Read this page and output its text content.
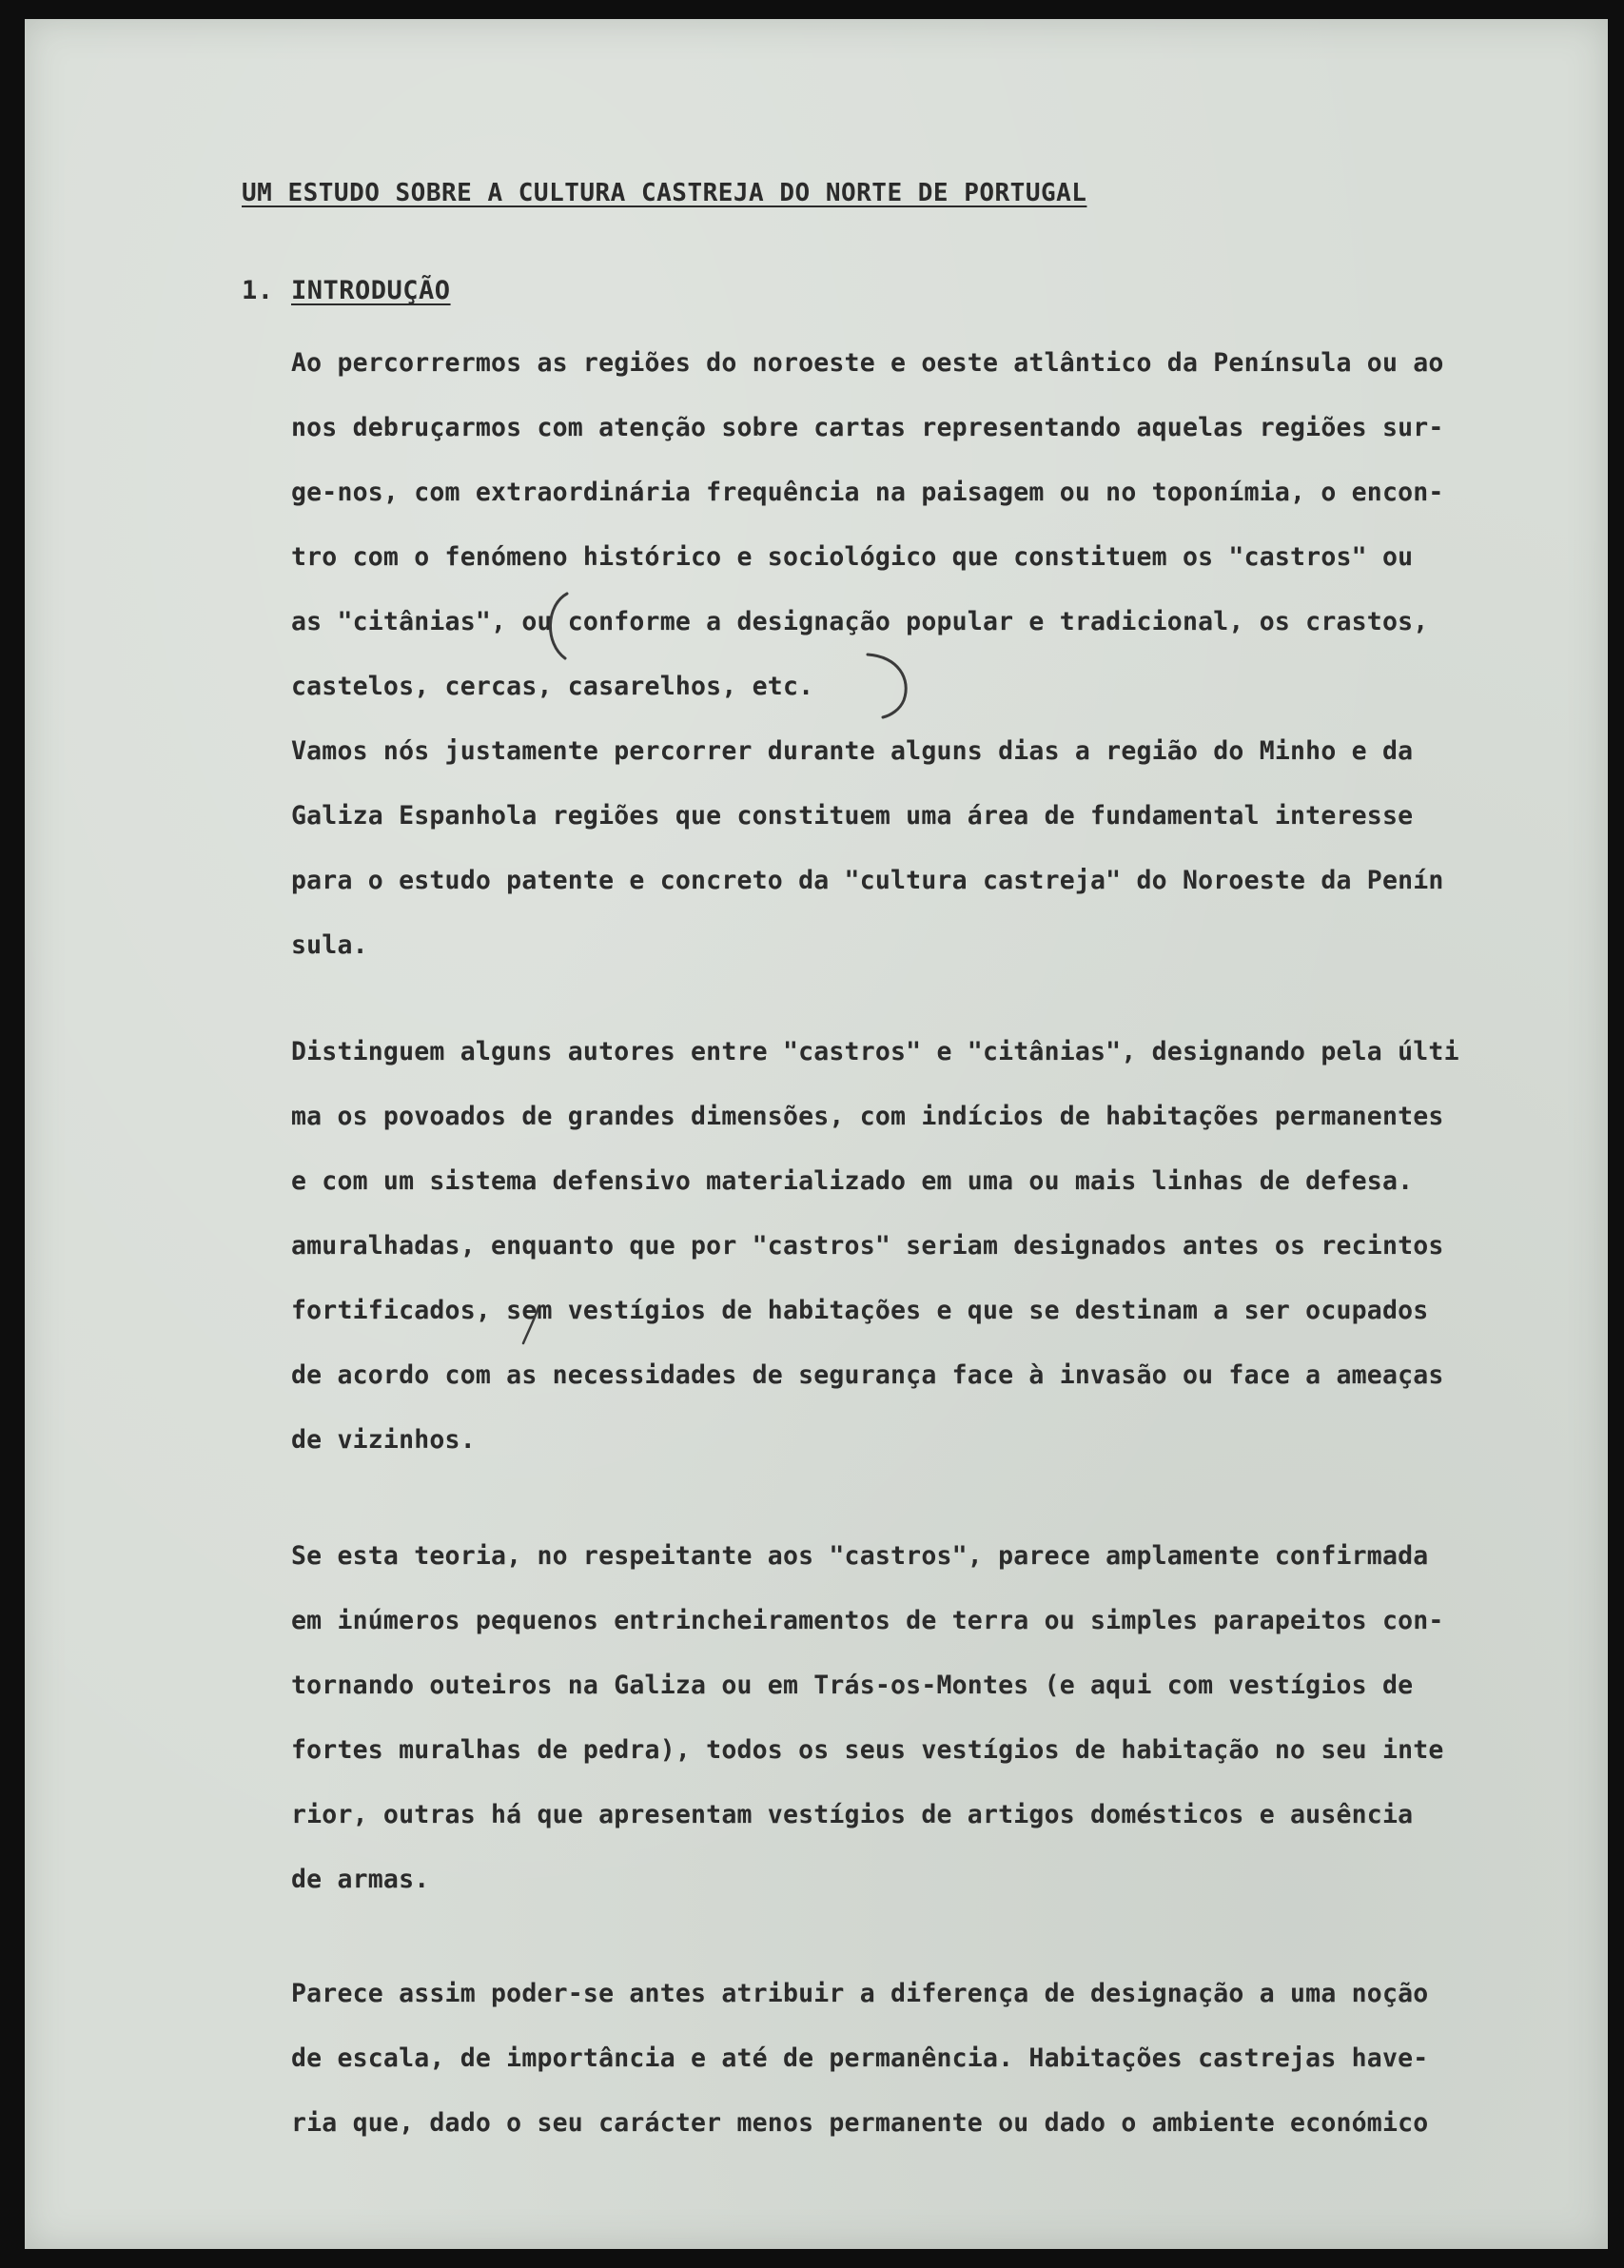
UM ESTUDO SOBRE A CULTURA CASTREJA DO NORTE DE PORTUGAL
1. INTRODUÇÃO
Ao percorrermos as regiões do noroeste e oeste atlântico da Península ou ao
nos debruçarmos com atenção sobre cartas representando aquelas regiões sur-
ge-nos, com extraordinária frequência na paisagem ou no toponímia, o encon-
tro com o fenómeno histórico e sociológico que constituem os "castros" ou
as "citânias", ou conforme a designação popular e tradicional, os crastos,
castelos, cercas, casarelhos, etc.
Vamos nós justamente percorrer durante alguns dias a região do Minho e da
Galiza Espanhola regiões que constituem uma área de fundamental interesse
para o estudo patente e concreto da "cultura castreja" do Noroeste da Penín
sula.
Distinguem alguns autores entre "castros" e "citânias", designando pela últi
ma os povoados de grandes dimensões, com indícios de habitações permanentes
e com um sistema defensivo materializado em uma ou mais linhas de defesa.
amuralhadas, enquanto que por "castros" seriam designados antes os recintos
fortificados, sem vestígios de habitações e que se destinam a ser ocupados
de acordo com as necessidades de segurança face à invasão ou face a ameaças
de vizinhos.
Se esta teoria, no respeitante aos "castros", parece amplamente confirmada
em inúmeros pequenos entrincheiramentos de terra ou simples parapeitos con-
tornando outeiros na Galiza ou em Trás-os-Montes (e aqui com vestígios de
fortes muralhas de pedra), todos os seus vestígios de habitação no seu inte
rior, outras há que apresentam vestígios de artigos domésticos e ausência
de armas.
Parece assim poder-se antes atribuir a diferença de designação a uma noção
de escala, de importância e até de permanência. Habitações castrejas have-
ria que, dado o seu carácter menos permanente ou dado o ambiente económico
